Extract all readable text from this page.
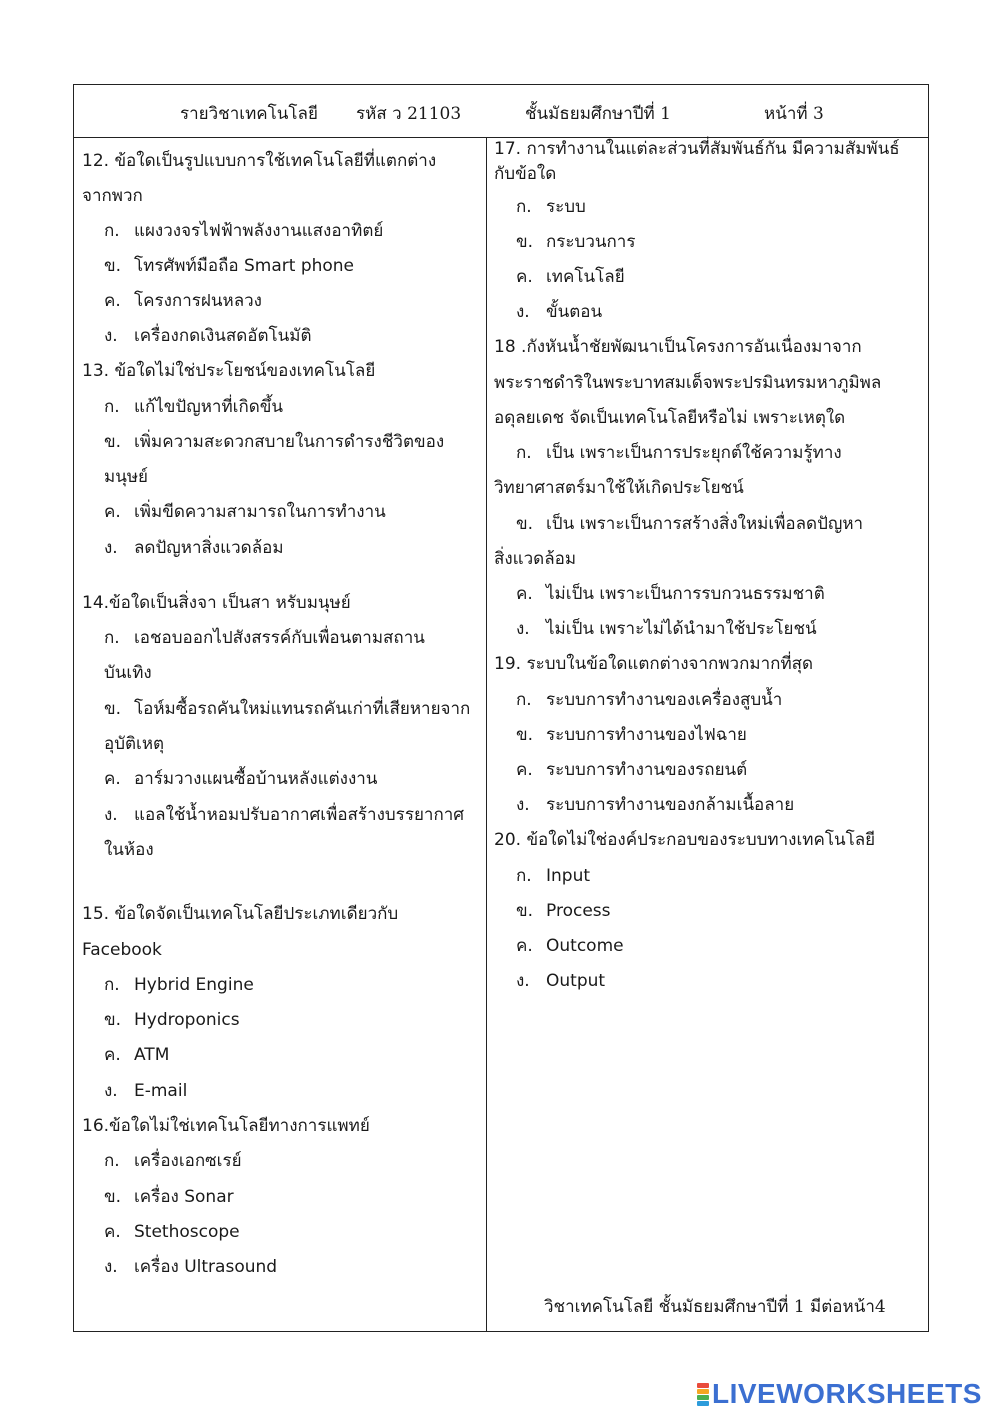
รายวิชาเทคโนโลยี รหัส ว 21103	ชั้นมัธยมศึกษาปีที่ 1	หน้าที่ 3
12. ข้อใดเป็นรูปแบบการใช้เทคโนโลยีที่แตกต่าง
จากพวก
ก. แผงวงจรไฟฟ้าพลังงานแสงอาทิตย์
ข. โทรศัพท์มือถือ Smart phone
ค. โครงการฝนหลวง
ง. เครื่องกดเงินสดอัตโนมัติ
13. ข้อใดไม่ใช่ประโยชน์ของเทคโนโลยี
ก. แก้ไขปัญหาที่เกิดขึ้น
ข. เพิ่มความสะดวกสบายในการดำรงชีวิตของ
มนุษย์
ค. เพิ่มขีดความสามารถในการทำงาน
ง. ลดปัญหาสิ่งแวดล้อม
14.ข้อใดเป็นสิ่งจา เป็นสา หรับมนุษย์
ก. เอชอบออกไปสังสรรค์กับเพื่อนตามสถาน
บันเทิง
ข. โอห์มซื้อรถคันใหม่แทนรถคันเก่าที่เสียหายจาก
อุบัติเหตุ
ค. อาร์มวางแผนซื้อบ้านหลังแต่งงาน
ง. แอลใช้น้ำหอมปรับอากาศเพื่อสร้างบรรยากาศ
ในห้อง
15. ข้อใดจัดเป็นเทคโนโลยีประเภทเดียวกับ
Facebook
ก. Hybrid Engine
ข. Hydroponics
ค. ATM
ง. E-mail
16.ข้อใดไม่ใช่เทคโนโลยีทางการแพทย์
ก. เครื่องเอกซเรย์
ข. เครื่อง Sonar
ค. Stethoscope
ง. เครื่อง Ultrasound
17. การทำงานในแต่ละส่วนที่สัมพันธ์กัน มีความสัมพันธ์
กับข้อใด
ก. ระบบ
ข. กระบวนการ
ค. เทคโนโลยี
ง. ขั้นตอน
18 .กังหันน้ำชัยพัฒนาเป็นโครงการอันเนื่องมาจาก
พระราชดำริในพระบาทสมเด็จพระปรมินทรมหาภูมิพล
อดุลยเดช จัดเป็นเทคโนโลยีหรือไม่ เพราะเหตุใด
ก. เป็น เพราะเป็นการประยุกต์ใช้ความรู้ทาง
วิทยาศาสตร์มาใช้ให้เกิดประโยชน์
ข. เป็น เพราะเป็นการสร้างสิ่งใหม่เพื่อลดปัญหา
สิ่งแวดล้อม
ค. ไม่เป็น เพราะเป็นการรบกวนธรรมชาติ
ง. ไม่เป็น เพราะไม่ได้นำมาใช้ประโยชน์
19. ระบบในข้อใดแตกต่างจากพวกมากที่สุด
ก. ระบบการทำงานของเครื่องสูบน้ำ
ข. ระบบการทำงานของไฟฉาย
ค. ระบบการทำงานของรถยนต์
ง. ระบบการทำงานของกล้ามเนื้อลาย
20. ข้อใดไม่ใช่องค์ประกอบของระบบทางเทคโนโลยี
ก. Input
ข. Process
ค. Outcome
ง. Output
วิชาเทคโนโลยี ชั้นมัธยมศึกษาปีที่ 1 มีต่อหน้า4
LIVEWORKSHEETS
